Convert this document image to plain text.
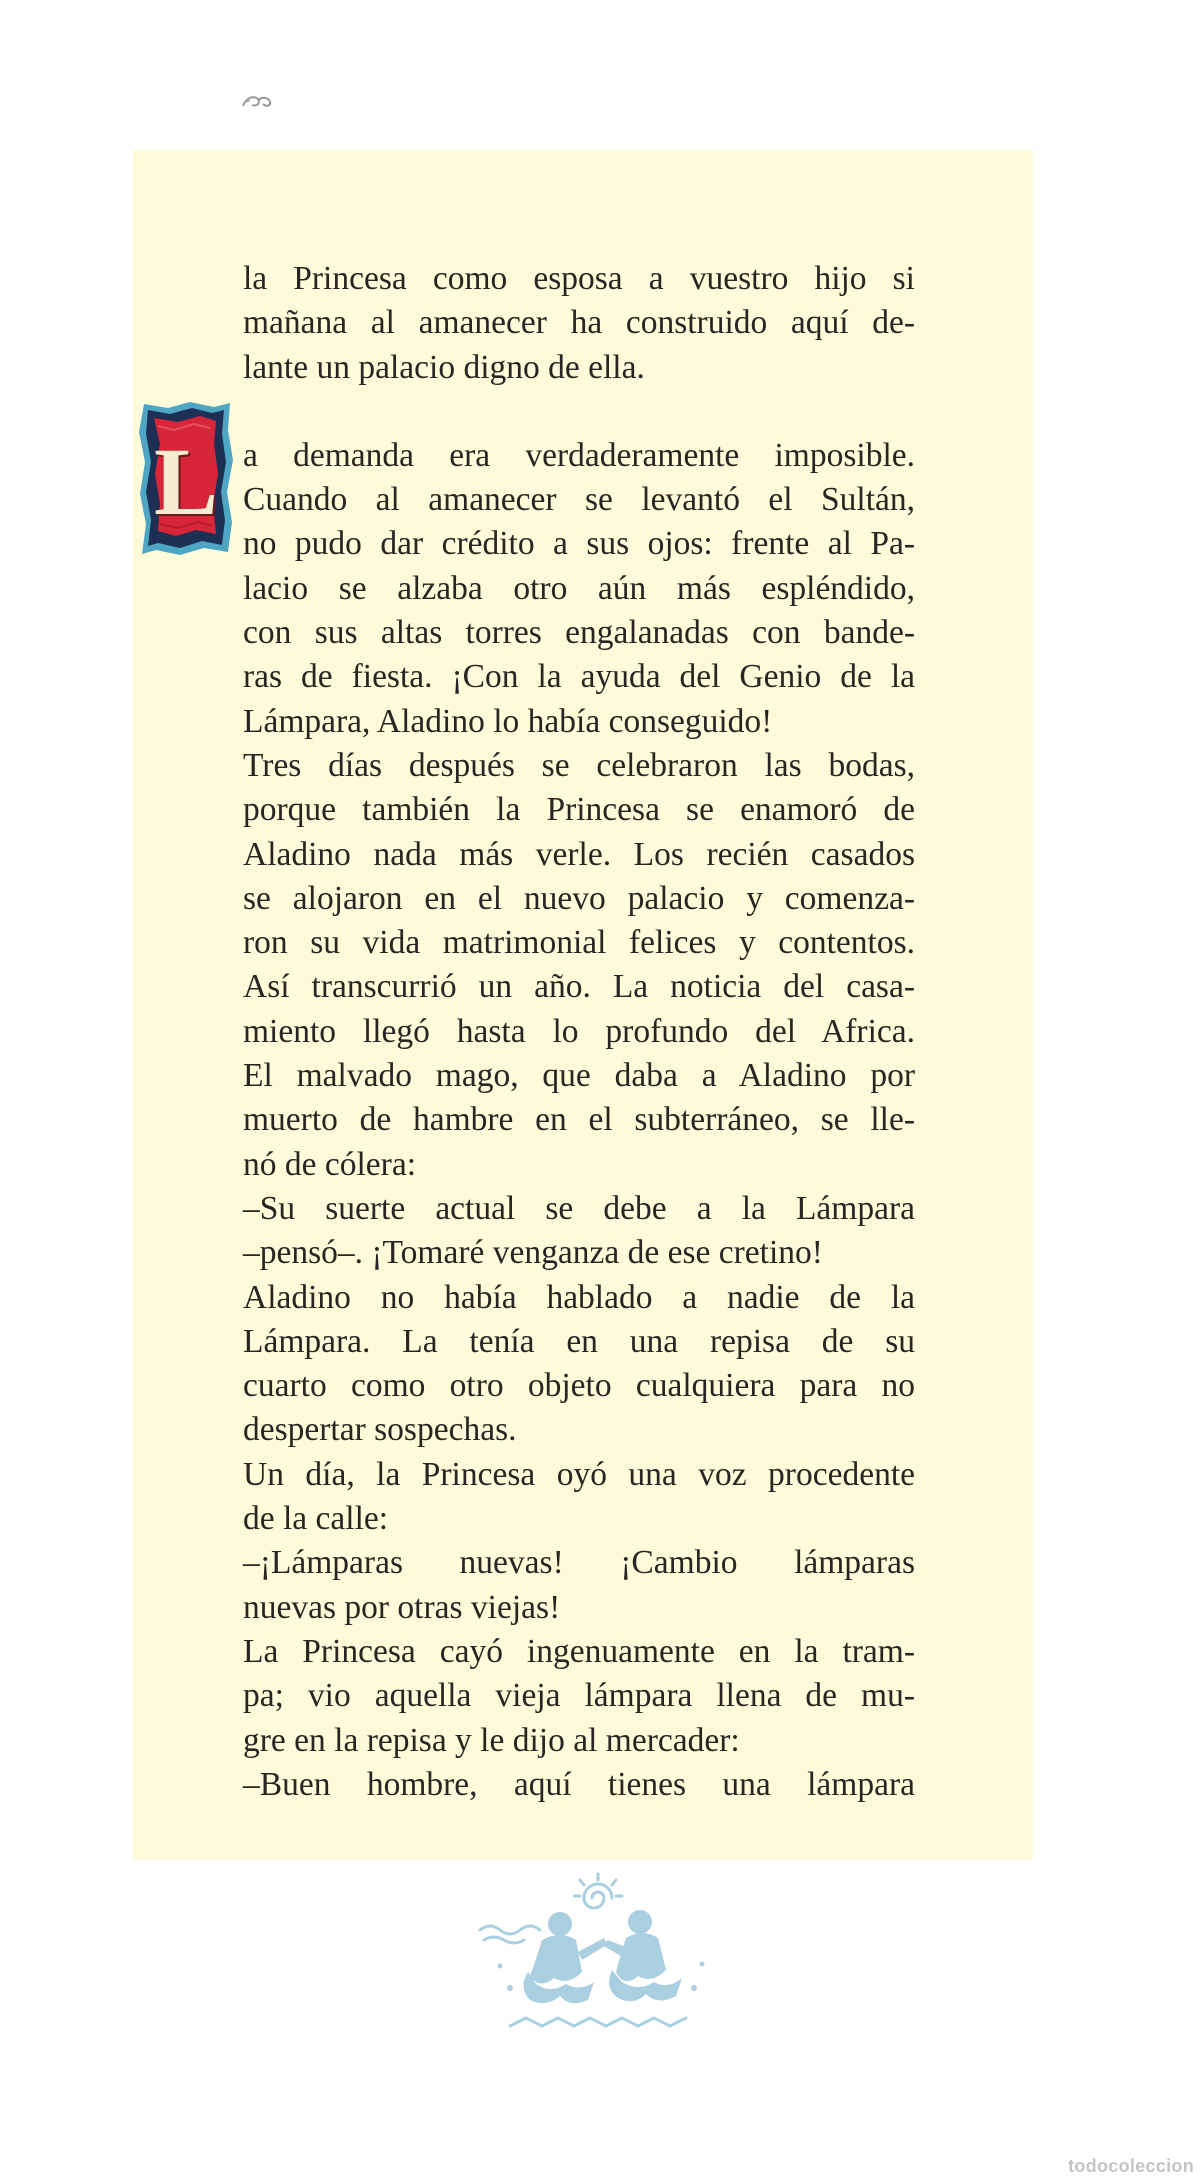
L
la Princesa como esposa a vuestro hijo si
mañana al amanecer ha construido aquí de-
lante un palacio digno de ella.
a demanda era verdaderamente imposible.
Cuando al amanecer se levantó el Sultán,
no pudo dar crédito a sus ojos: frente al Pa-
lacio se alzaba otro aún más espléndido,
con sus altas torres engalanadas con bande-
ras de fiesta. ¡Con la ayuda del Genio de la
Lámpara, Aladino lo había conseguido!
Tres días después se celebraron las bodas,
porque también la Princesa se enamoró de
Aladino nada más verle. Los recién casados
se alojaron en el nuevo palacio y comenza-
ron su vida matrimonial felices y contentos.
Así transcurrió un año. La noticia del casa-
miento llegó hasta lo profundo del Africa.
El malvado mago, que daba a Aladino por
muerto de hambre en el subterráneo, se lle-
nó de cólera:
–Su suerte actual se debe a la Lámpara
–pensó–. ¡Tomaré venganza de ese cretino!
Aladino no había hablado a nadie de la
Lámpara. La tenía en una repisa de su
cuarto como otro objeto cualquiera para no
despertar sospechas.
Un día, la Princesa oyó una voz procedente
de la calle:
–¡Lámparas nuevas! ¡Cambio lámparas
nuevas por otras viejas!
La Princesa cayó ingenuamente en la tram-
pa; vio aquella vieja lámpara llena de mu-
gre en la repisa y le dijo al mercader:
–Buen hombre, aquí tienes una lámpara
todocoleccion
